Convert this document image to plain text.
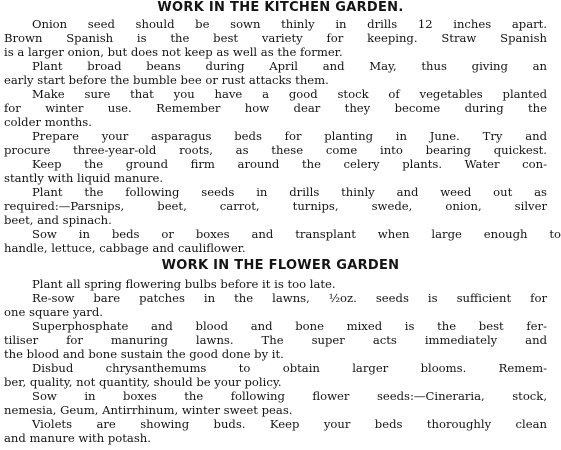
WORK IN THE KITCHEN GARDEN.
Onion seed should be sown thinly in drills 12 inches apart.
Brown Spanish is the best variety for keeping. Straw Spanish
is a larger onion, but does not keep as well as the former.
Plant broad beans during April and May, thus giving an
early start before the bumble bee or rust attacks them.
Make sure that you have a good stock of vegetables planted
for winter use. Remember how dear they become during the
colder months.
Prepare your asparagus beds for planting in June. Try and
procure three-year-old roots, as these come into bearing quickest.
Keep the ground firm around the celery plants. Water con-
stantly with liquid manure.
Plant the following seeds in drills thinly and weed out as
required:—Parsnips, beet, carrot, turnips, swede, onion, silver
beet, and spinach.
Sow in beds or boxes and transplant when large enough to
handle, lettuce, cabbage and cauliflower.
WORK IN THE FLOWER GARDEN
Plant all spring flowering bulbs before it is too late.
Re-sow bare patches in the lawns, ½oz. seeds is sufficient for
one square yard.
Superphosphate and blood and bone mixed is the best fer-
tiliser for manuring lawns. The super acts immediately and
the blood and bone sustain the good done by it.
Disbud chrysanthemums to obtain larger blooms. Remem-
ber, quality, not quantity, should be your policy.
Sow in boxes the following flower seeds:—Cineraria, stock,
nemesia, Geum, Antirrhinum, winter sweet peas.
Violets are showing buds. Keep your beds thoroughly clean
and manure with potash.
